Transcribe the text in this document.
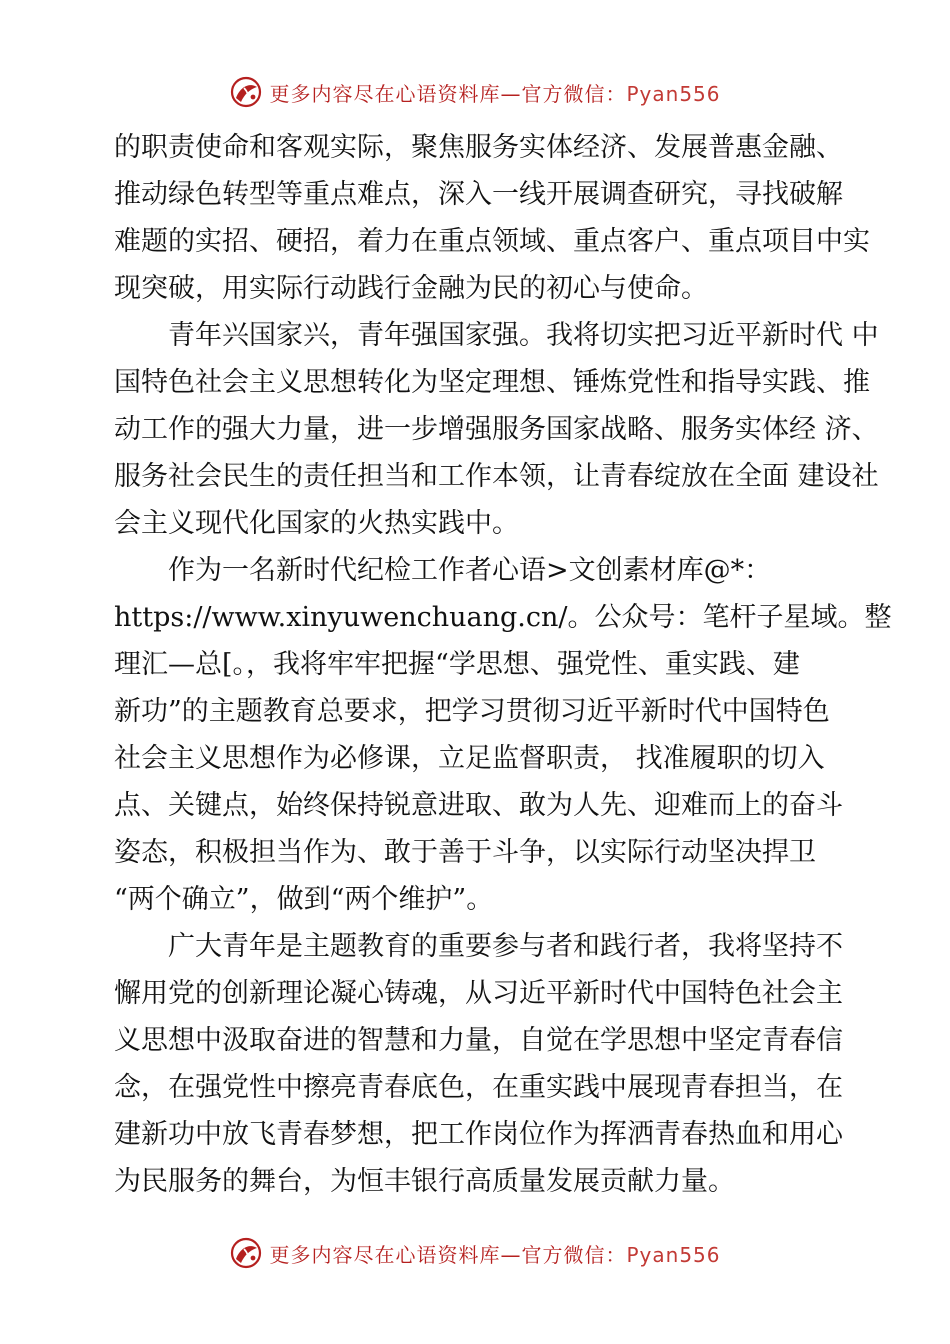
更多内容尽在心语资料库—官方微信：Pyan556
的职责使命和客观实际，聚焦服务实体经济、发展普惠金融、
推动绿色转型等重点难点，深入一线开展调查研究，寻找破解
难题的实招、硬招，着力在重点领域、重点客户、重点项目中实
现突破，用实际行动践行金融为民的初心与使命。
青年兴国家兴，青年强国家强。我将切实把习近平新时代 中
国特色社会主义思想转化为坚定理想、锤炼党性和指导实践、推
动工作的强大力量，进一步增强服务国家战略、服务实体经 济、
服务社会民生的责任担当和工作本领，让青春绽放在全面 建设社
会主义现代化国家的火热实践中。
作为一名新时代纪检工作者心语>文创素材库@*：
https://www.xinyuwenchuang.cn/。公众号：笔杆子星域。整
理汇—总[。，我将牢牢把握“学思想、强党性、重实践、建
新功”的主题教育总要求，把学习贯彻习近平新时代中国特色
社会主义思想作为必修课，立足监督职责， 找准履职的切入
点、关键点，始终保持锐意进取、敢为人先、迎难而上的奋斗
姿态，积极担当作为、敢于善于斗争，以实际行动坚决捍卫
“两个确立”，做到“两个维护”。
广大青年是主题教育的重要参与者和践行者，我将坚持不
懈用党的创新理论凝心铸魂，从习近平新时代中国特色社会主
义思想中汲取奋进的智慧和力量，自觉在学思想中坚定青春信
念，在强党性中擦亮青春底色，在重实践中展现青春担当，在
建新功中放飞青春梦想，把工作岗位作为挥洒青春热血和用心
为民服务的舞台，为恒丰银行高质量发展贡献力量。
更多内容尽在心语资料库—官方微信：Pyan556
